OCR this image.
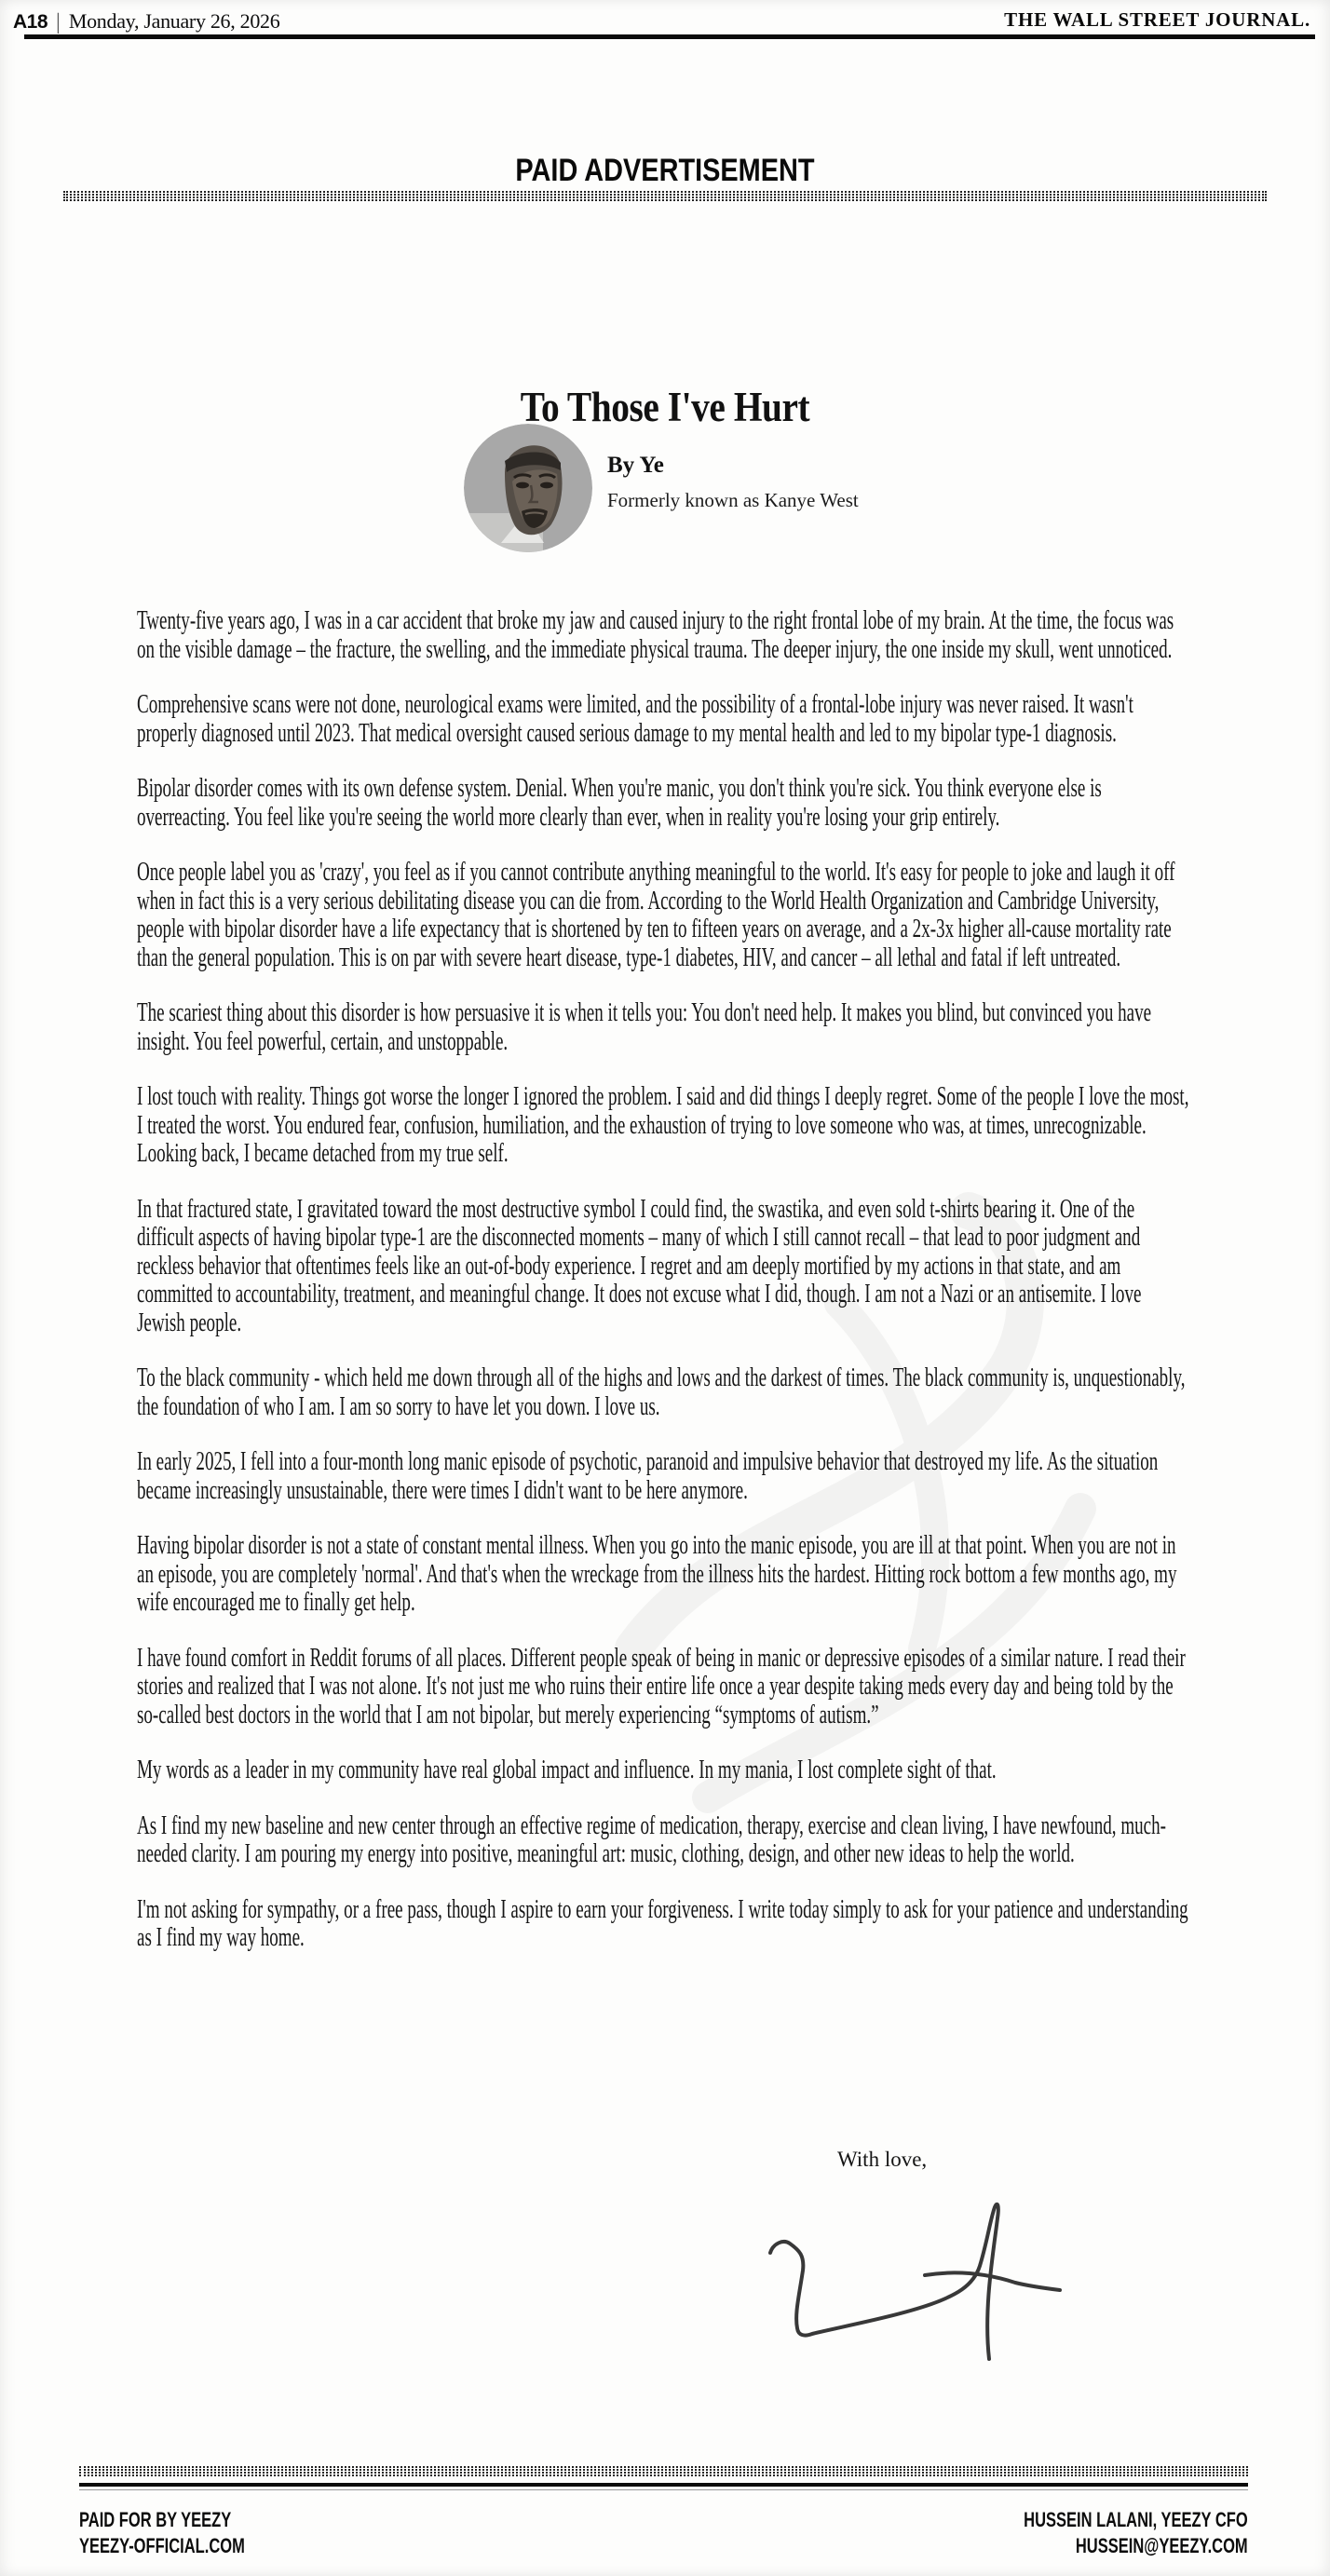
A18 | Monday, January 26, 2026	THE WALL STREET JOURNAL.
PAID ADVERTISEMENT
To Those I've Hurt
By Ye
Formerly known as Kanye West

Twenty-five years ago, I was in a car accident that broke my jaw and caused injury to the right frontal lobe of my brain. At the time, the focus was on the visible damage – the fracture, the swelling, and the immediate physical trauma. The deeper injury, the one inside my skull, went unnoticed.

Comprehensive scans were not done, neurological exams were limited, and the possibility of a frontal-lobe injury was never raised. It wasn't properly diagnosed until 2023. That medical oversight caused serious damage to my mental health and led to my bipolar type-1 diagnosis.

Bipolar disorder comes with its own defense system. Denial. When you're manic, you don't think you're sick. You think everyone else is overreacting. You feel like you're seeing the world more clearly than ever, when in reality you're losing your grip entirely.

Once people label you as 'crazy', you feel as if you cannot contribute anything meaningful to the world. It's easy for people to joke and laugh it off when in fact this is a very serious debilitating disease you can die from. According to the World Health Organization and Cambridge University, people with bipolar disorder have a life expectancy that is shortened by ten to fifteen years on average, and a 2x-3x higher all-cause mortality rate than the general population. This is on par with severe heart disease, type-1 diabetes, HIV, and cancer – all lethal and fatal if left untreated.

The scariest thing about this disorder is how persuasive it is when it tells you: You don't need help. It makes you blind, but convinced you have insight. You feel powerful, certain, and unstoppable.

I lost touch with reality. Things got worse the longer I ignored the problem. I said and did things I deeply regret. Some of the people I love the most, I treated the worst. You endured fear, confusion, humiliation, and the exhaustion of trying to love someone who was, at times, unrecognizable. Looking back, I became detached from my true self.

In that fractured state, I gravitated toward the most destructive symbol I could find, the swastika, and even sold t-shirts bearing it. One of the difficult aspects of having bipolar type-1 are the disconnected moments – many of which I still cannot recall – that lead to poor judgment and reckless behavior that oftentimes feels like an out-of-body experience. I regret and am deeply mortified by my actions in that state, and am committed to accountability, treatment, and meaningful change. It does not excuse what I did, though. I am not a Nazi or an antisemite. I love Jewish people.

To the black community - which held me down through all of the highs and lows and the darkest of times. The black community is, unquestionably, the foundation of who I am. I am so sorry to have let you down. I love us.

In early 2025, I fell into a four-month long manic episode of psychotic, paranoid and impulsive behavior that destroyed my life. As the situation became increasingly unsustainable, there were times I didn't want to be here anymore.

Having bipolar disorder is not a state of constant mental illness. When you go into the manic episode, you are ill at that point. When you are not in an episode, you are completely 'normal'. And that's when the wreckage from the illness hits the hardest. Hitting rock bottom a few months ago, my wife encouraged me to finally get help.

I have found comfort in Reddit forums of all places. Different people speak of being in manic or depressive episodes of a similar nature. I read their stories and realized that I was not alone. It's not just me who ruins their entire life once a year despite taking meds every day and being told by the so-called best doctors in the world that I am not bipolar, but merely experiencing “symptoms of autism.”

My words as a leader in my community have real global impact and influence. In my mania, I lost complete sight of that.

As I find my new baseline and new center through an effective regime of medication, therapy, exercise and clean living, I have newfound, much-needed clarity. I am pouring my energy into positive, meaningful art: music, clothing, design, and other new ideas to help the world.

I'm not asking for sympathy, or a free pass, though I aspire to earn your forgiveness. I write today simply to ask for your patience and understanding as I find my way home.

With love,
PAID FOR BY YEEZY
YEEZY-OFFICIAL.COM
HUSSEIN LALANI, YEEZY CFO
HUSSEIN@YEEZY.COM
